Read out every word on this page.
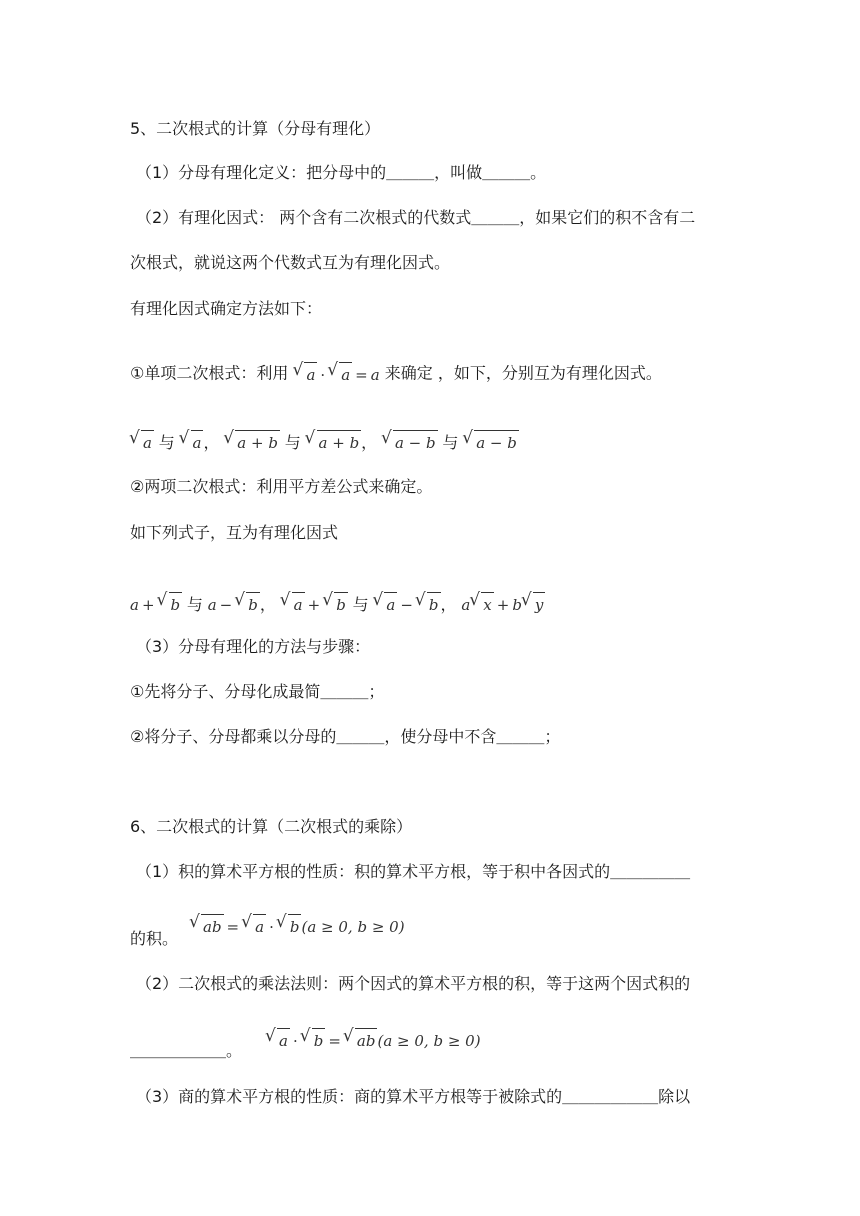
5、二次根式的计算（分母有理化）
（1）分母有理化定义：把分母中的＿＿＿，叫做＿＿＿。
（2）有理化因式： 两个含有二次根式的代数式＿＿＿，如果它们的积不含有二
次根式，就说这两个代数式互为有理化因式。
有理化因式确定方法如下：
①单项二次根式：利用 √ a · √ a = a 来确定 ，如下，分别互为有理化因式。
√ a 与 √ a ， √ a + b 与 √ a + b ， √ a − b 与 √ a − b
②两项二次根式：利用平方差公式来确定。
如下列式子，互为有理化因式
a + √ b 与 a − √ b ， √ a + √ b 与 √ a − √ b ， a √ x + b √ y
（3）分母有理化的方法与步骤：
①先将分子、分母化成最简＿＿＿；
②将分子、分母都乘以分母的＿＿＿，使分母中不含＿＿＿；
6、二次根式的计算（二次根式的乘除）
（1）积的算术平方根的性质：积的算术平方根，等于积中各因式的＿＿＿＿＿
√ ab = √ a · √ b (a ≥ 0, b ≥ 0)
的积。
（2）二次根式的乘法法则：两个因式的算术平方根的积，等于这两个因式积的
√ a · √ b = √ ab (a ≥ 0, b ≥ 0)
＿＿＿＿＿＿。
（3）商的算术平方根的性质：商的算术平方根等于被除式的＿＿＿＿＿＿除以
